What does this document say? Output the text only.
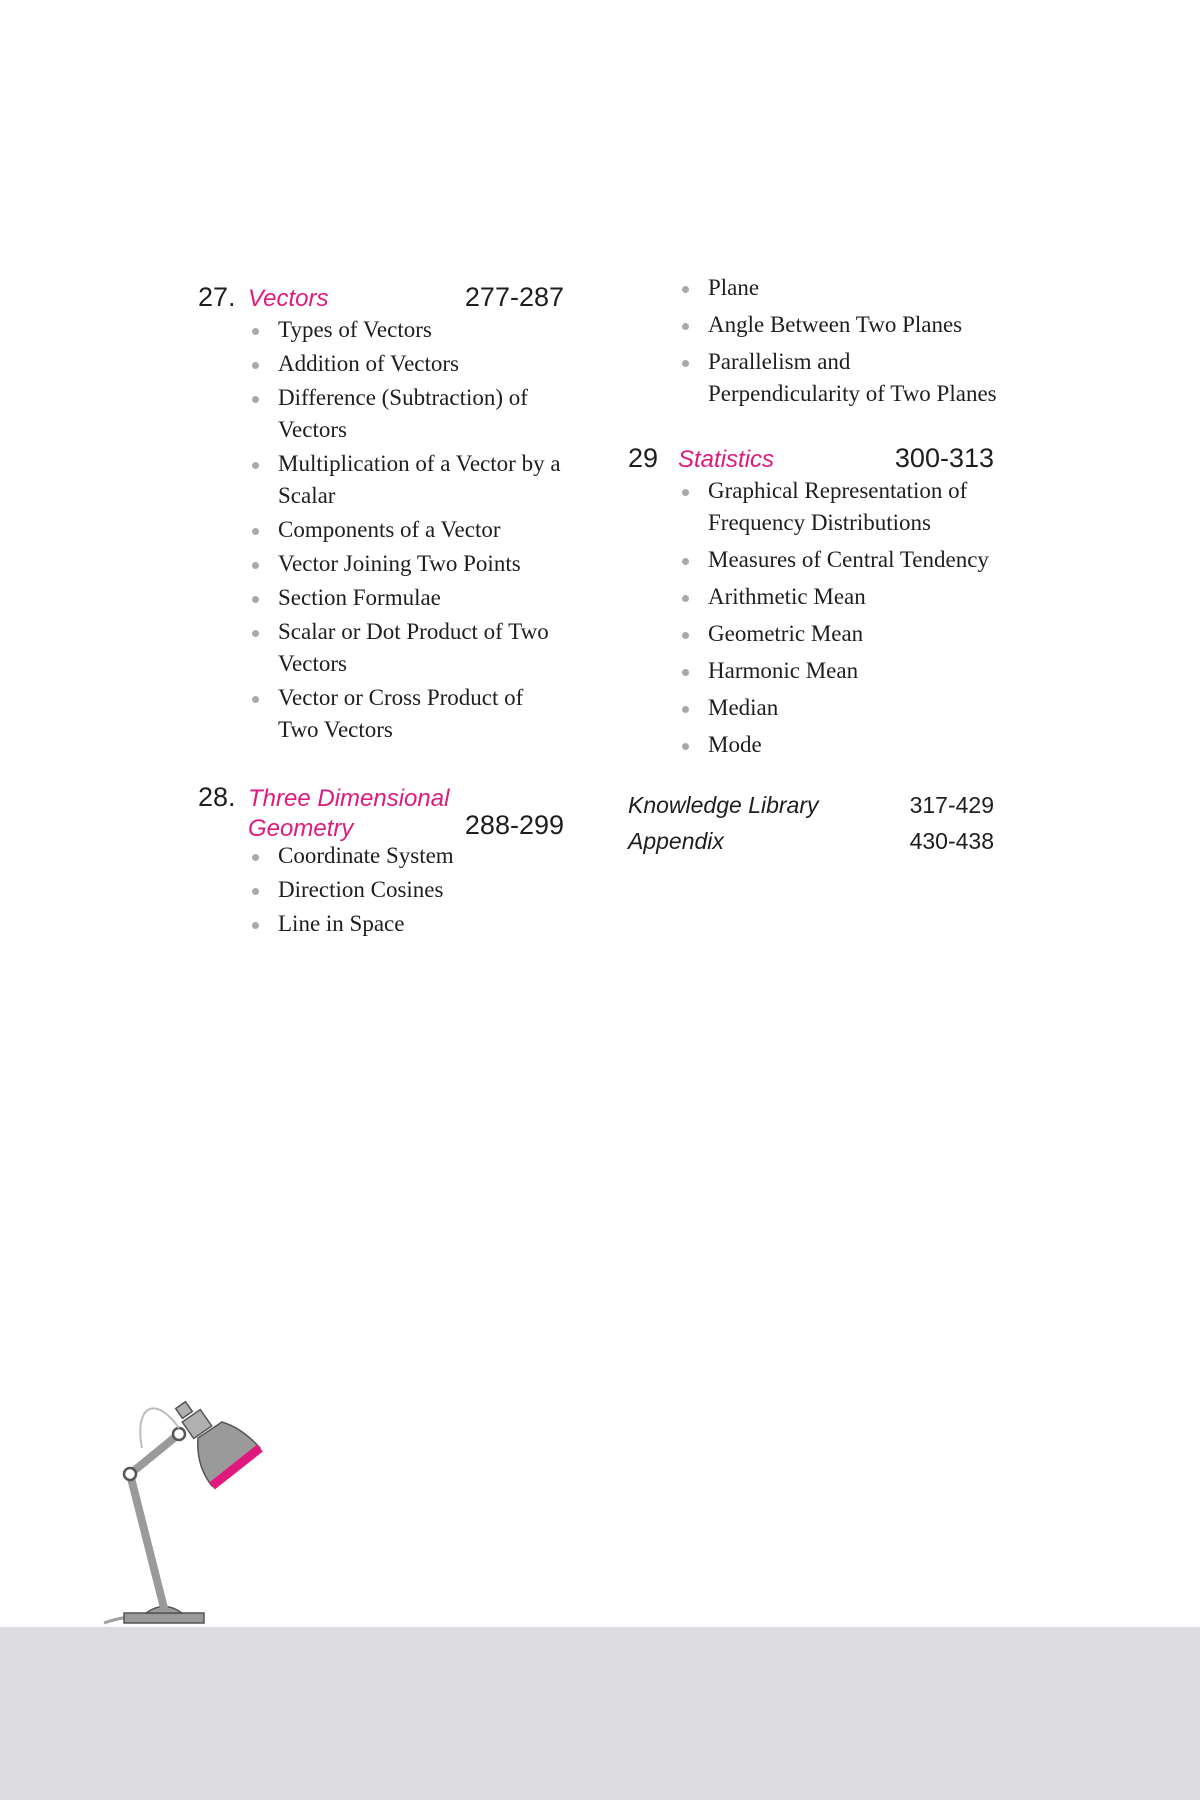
27. Vectors	277-287
Types of Vectors
Addition of Vectors
Difference (Subtraction) of Vectors
Multiplication of a Vector by a Scalar
Components of a Vector
Vector Joining Two Points
Section Formulae
Scalar or Dot Product of Two Vectors
Vector or Cross Product of Two Vectors
28. Three Dimensional Geometry	288-299
Coordinate System
Direction Cosines
Line in Space
Plane
Angle Between Two Planes
Parallelism and Perpendicularity of Two Planes
29 Statistics	300-313
Graphical Representation of Frequency Distributions
Measures of Central Tendency
Arithmetic Mean
Geometric Mean
Harmonic Mean
Median
Mode
Knowledge Library	317-429
Appendix	430-438
